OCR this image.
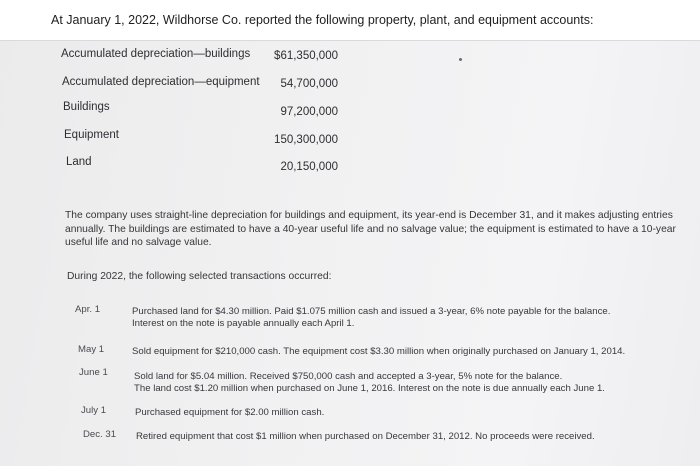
At January 1, 2022, Wildhorse Co. reported the following property, plant, and equipment accounts:
Accumulated depreciation—buildings $61,350,000
Accumulated depreciation—equipment 54,700,000
Buildings	97,200,000
Equipment	150,300,000
Land	20,150,000
The company uses straight-line depreciation for buildings and equipment, its year-end is December 31, and it makes adjusting entries
annually. The buildings are estimated to have a 40-year useful life and no salvage value; the equipment is estimated to have a 10-year
useful life and no salvage value.
During 2022, the following selected transactions occurred:
Apr. 1	Purchased land for $4.30 million. Paid $1.075 million cash and issued a 3-year, 6% note payable for the balance.
Interest on the note is payable annually each April 1.
May 1	Sold equipment for $210,000 cash. The equipment cost $3.30 million when originally purchased on January 1, 2014.
June 1	Sold land for $5.04 million. Received $750,000 cash and accepted a 3-year, 5% note for the balance.
The land cost $1.20 million when purchased on June 1, 2016. Interest on the note is due annually each June 1.
July 1	Purchased equipment for $2.00 million cash.
Dec. 31 Retired equipment that cost $1 million when purchased on December 31, 2012. No proceeds were received.
